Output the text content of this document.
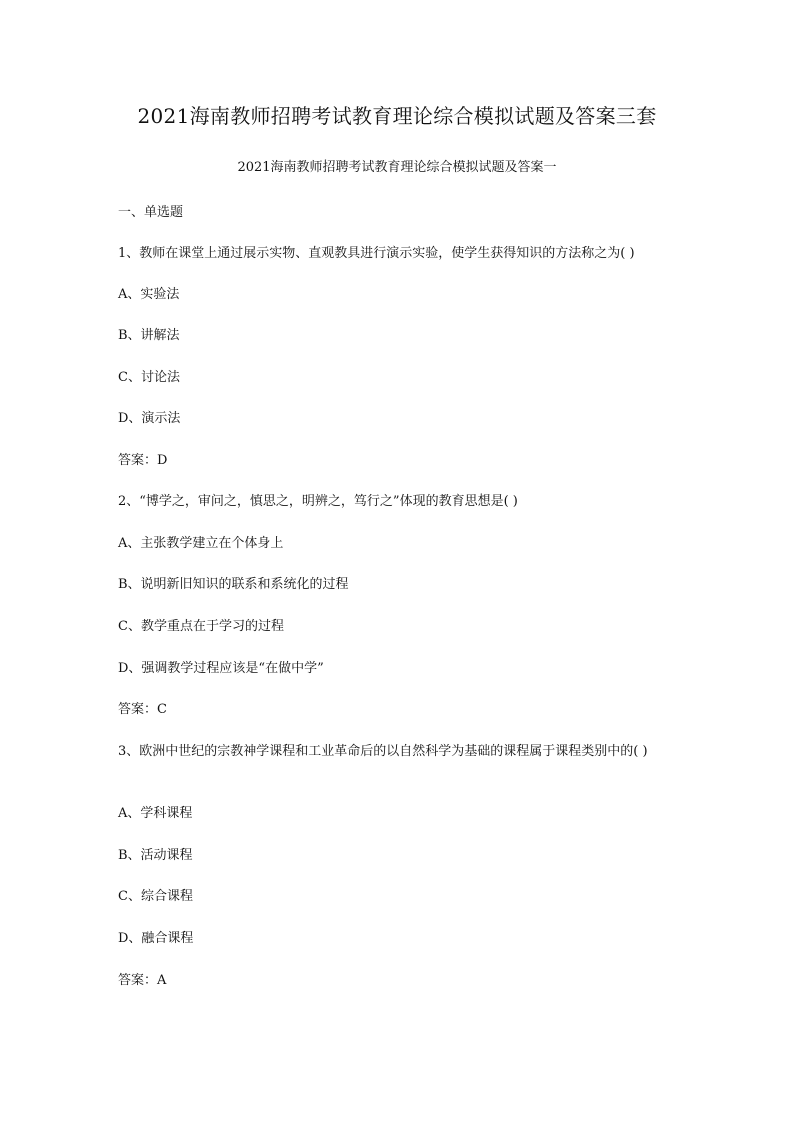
2021海南教师招聘考试教育理论综合模拟试题及答案三套
2021海南教师招聘考试教育理论综合模拟试题及答案一
一、单选题
1、教师在课堂上通过展示实物、直观教具进行演示实验，使学生获得知识的方法称之为( )
A、实验法
B、讲解法
C、讨论法
D、演示法
答案：D
2、“博学之，审问之，慎思之，明辨之，笃行之”体现的教育思想是( )
A、主张教学建立在个体身上
B、说明新旧知识的联系和系统化的过程
C、教学重点在于学习的过程
D、强调教学过程应该是“在做中学”
答案：C
3、欧洲中世纪的宗教神学课程和工业革命后的以自然科学为基础的课程属于课程类别中的( )
A、学科课程
B、活动课程
C、综合课程
D、融合课程
答案：A
